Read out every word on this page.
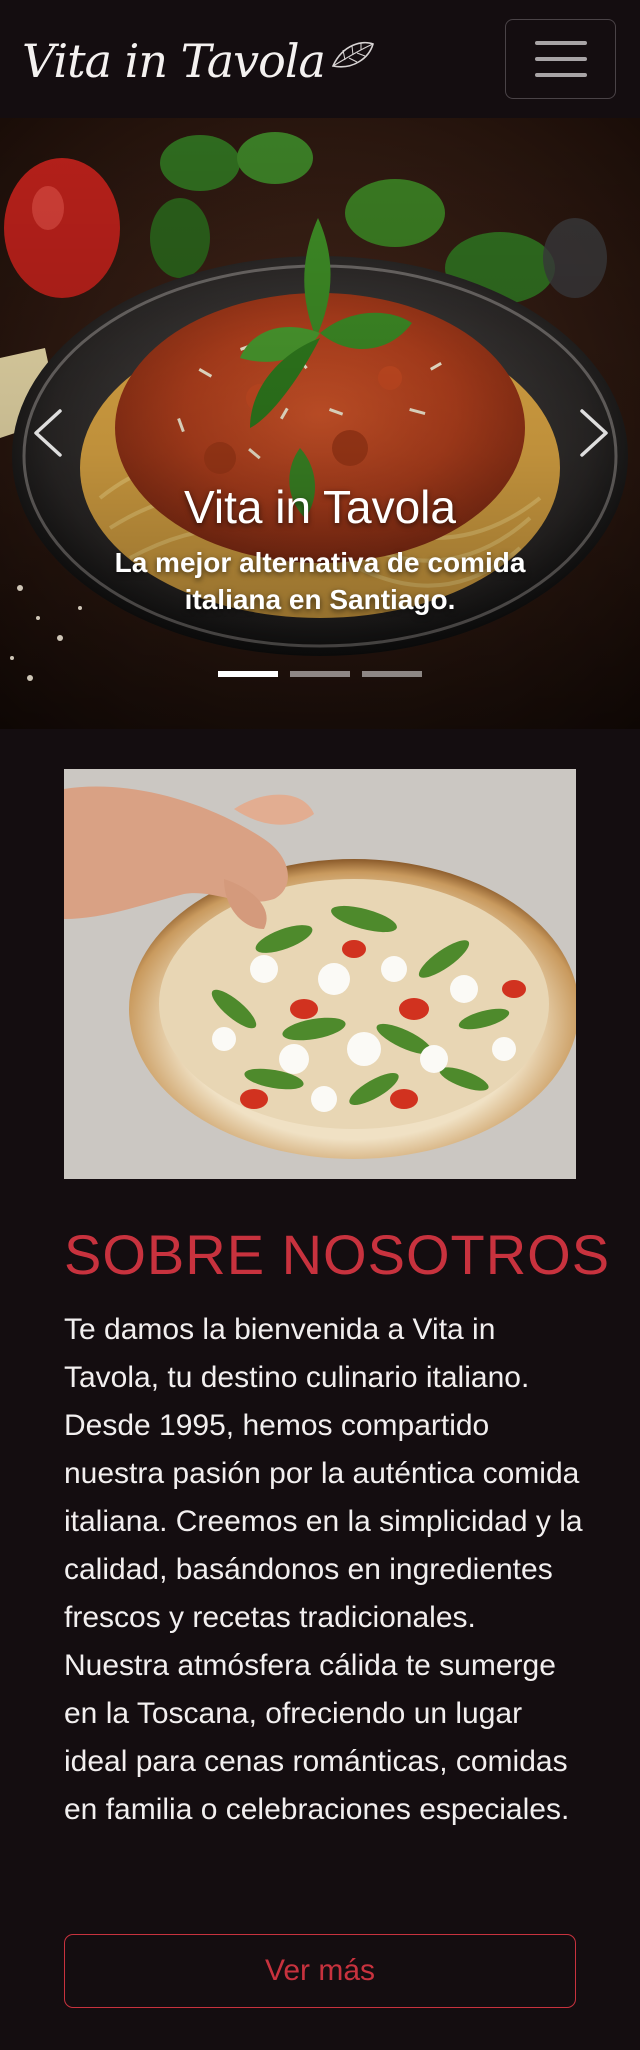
Vita in Tavola
Vita in Tavola

La mejor alternativa de comida italiana en Santiago.

SOBRE NOSOTROS

Te damos la bienvenida a Vita in Tavola, tu destino culinario italiano. Desde 1995, hemos compartido nuestra pasión por la auténtica comida italiana. Creemos en la simplicidad y la calidad, basándonos en ingredientes frescos y recetas tradicionales. Nuestra atmósfera cálida te sumerge en la Toscana, ofreciendo un lugar ideal para cenas románticas, comidas en familia o celebraciones especiales.

Ver más
